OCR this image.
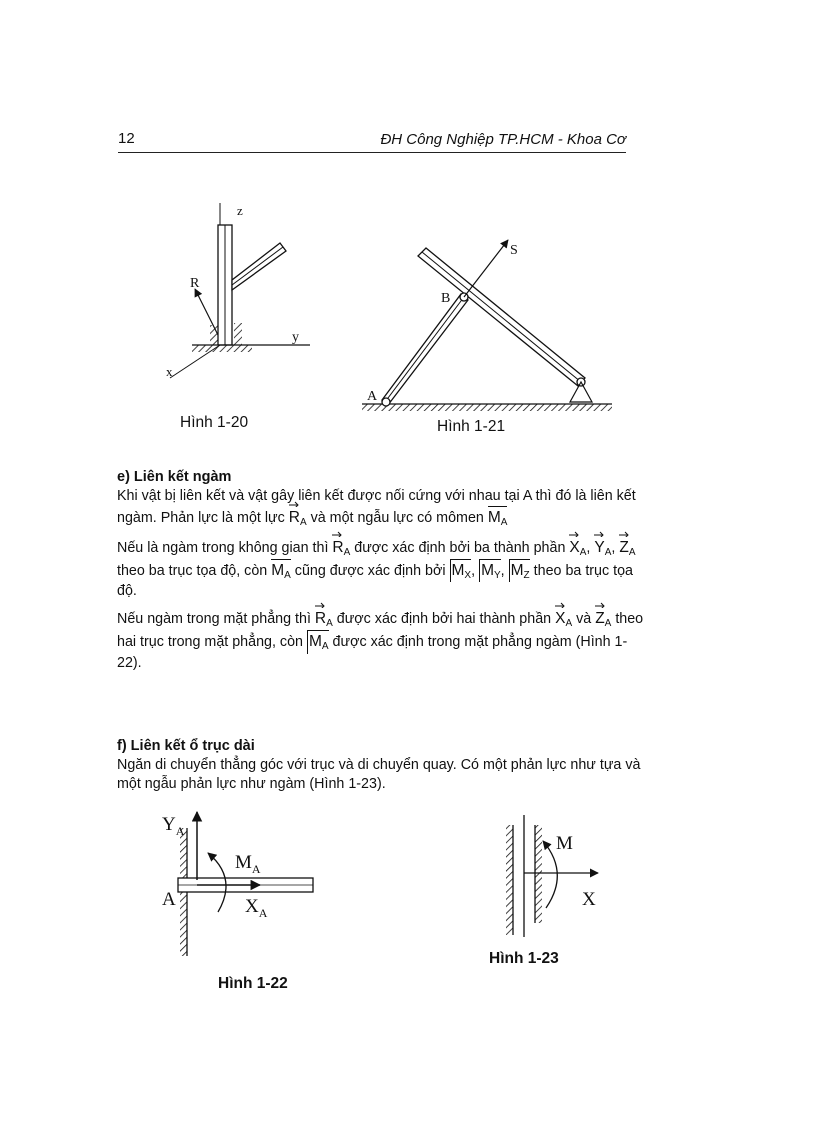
12	ĐH Công Nghiệp TP.HCM - Khoa Cơ
z
y
x
R
Hình 1-20
S
B
A
Hình 1-21
e) Liên kết ngàm

Khi vật bị liên kết và vật gây liên kết được nối cứng với nhau tại A thì đó là liên kết ngàm. Phản lực là một lực $R_A$ và một ngẫu lực có mômen $M_A$

Nếu là ngàm trong không gian thì $R_A$ được xác định bởi ba thành phần $X_A$, $Y_A$, $Z_A$ theo ba trục tọa độ, còn $M_A$ cũng được xác định bởi $M_X$, $M_Y$, $M_Z$ theo ba trục tọa độ.

Nếu ngàm trong mặt phẳng thì $R_A$ được xác định bởi hai thành phần $X_A$ và $Z_A$ theo hai trục trong mặt phẳng, còn $M_A$ được xác định trong mặt phẳng ngàm (Hình 1-22).

f) Liên kết ổ trục dài

Ngăn di chuyển thẳng góc với trục và di chuyển quay. Có một phản lực như tựa và một ngẫu phản lực như ngàm (Hình 1-23).

$Y_A$
$M_A$
$X_A$
A
Hình 1-22
M
X
Hình 1-23
